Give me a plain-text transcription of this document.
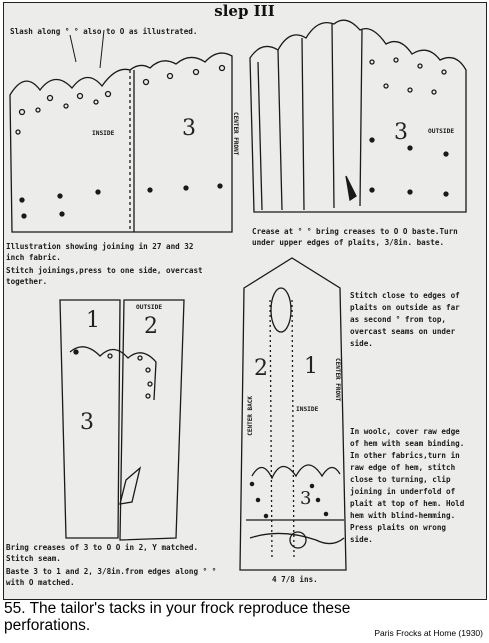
slep III
Slash along ° ° also to O as illustrated.
INSIDE	3	CENTER FRONT	3	OUTSIDE
Crease at ° ° bring creases to O O baste.Turn
under upper edges of plaits, 3/8in. baste.
Illustration showing joining in 27 and 32
inch fabric.
Stitch joinings,press to one side, overcast
together.
Stitch close to edges of
plaits on outside as far
as second ° from top,
overcast seams on under
side.
OUTSIDE
1 2
3
2 1
INSIDE
CENTER BACK
CENTER FRONT
3
In woolc, cover raw edge
of hem with seam binding.
In other fabrics,turn in
raw edge of hem, stitch
close to turning, clip
joining in underfold of
plait at top of hem. Hold
hem with blind-hemming.
Press plaits on wrong
side.
Bring creases of 3 to O O in 2, Y matched.
Stitch seam.
Baste 3 to 1 and 2, 3/8in.from edges along ° °
with O matched.	4 7/8 ins.
55. The tailor's tacks in your frock reproduce these perforations.	Paris Frocks at Home (1930)
